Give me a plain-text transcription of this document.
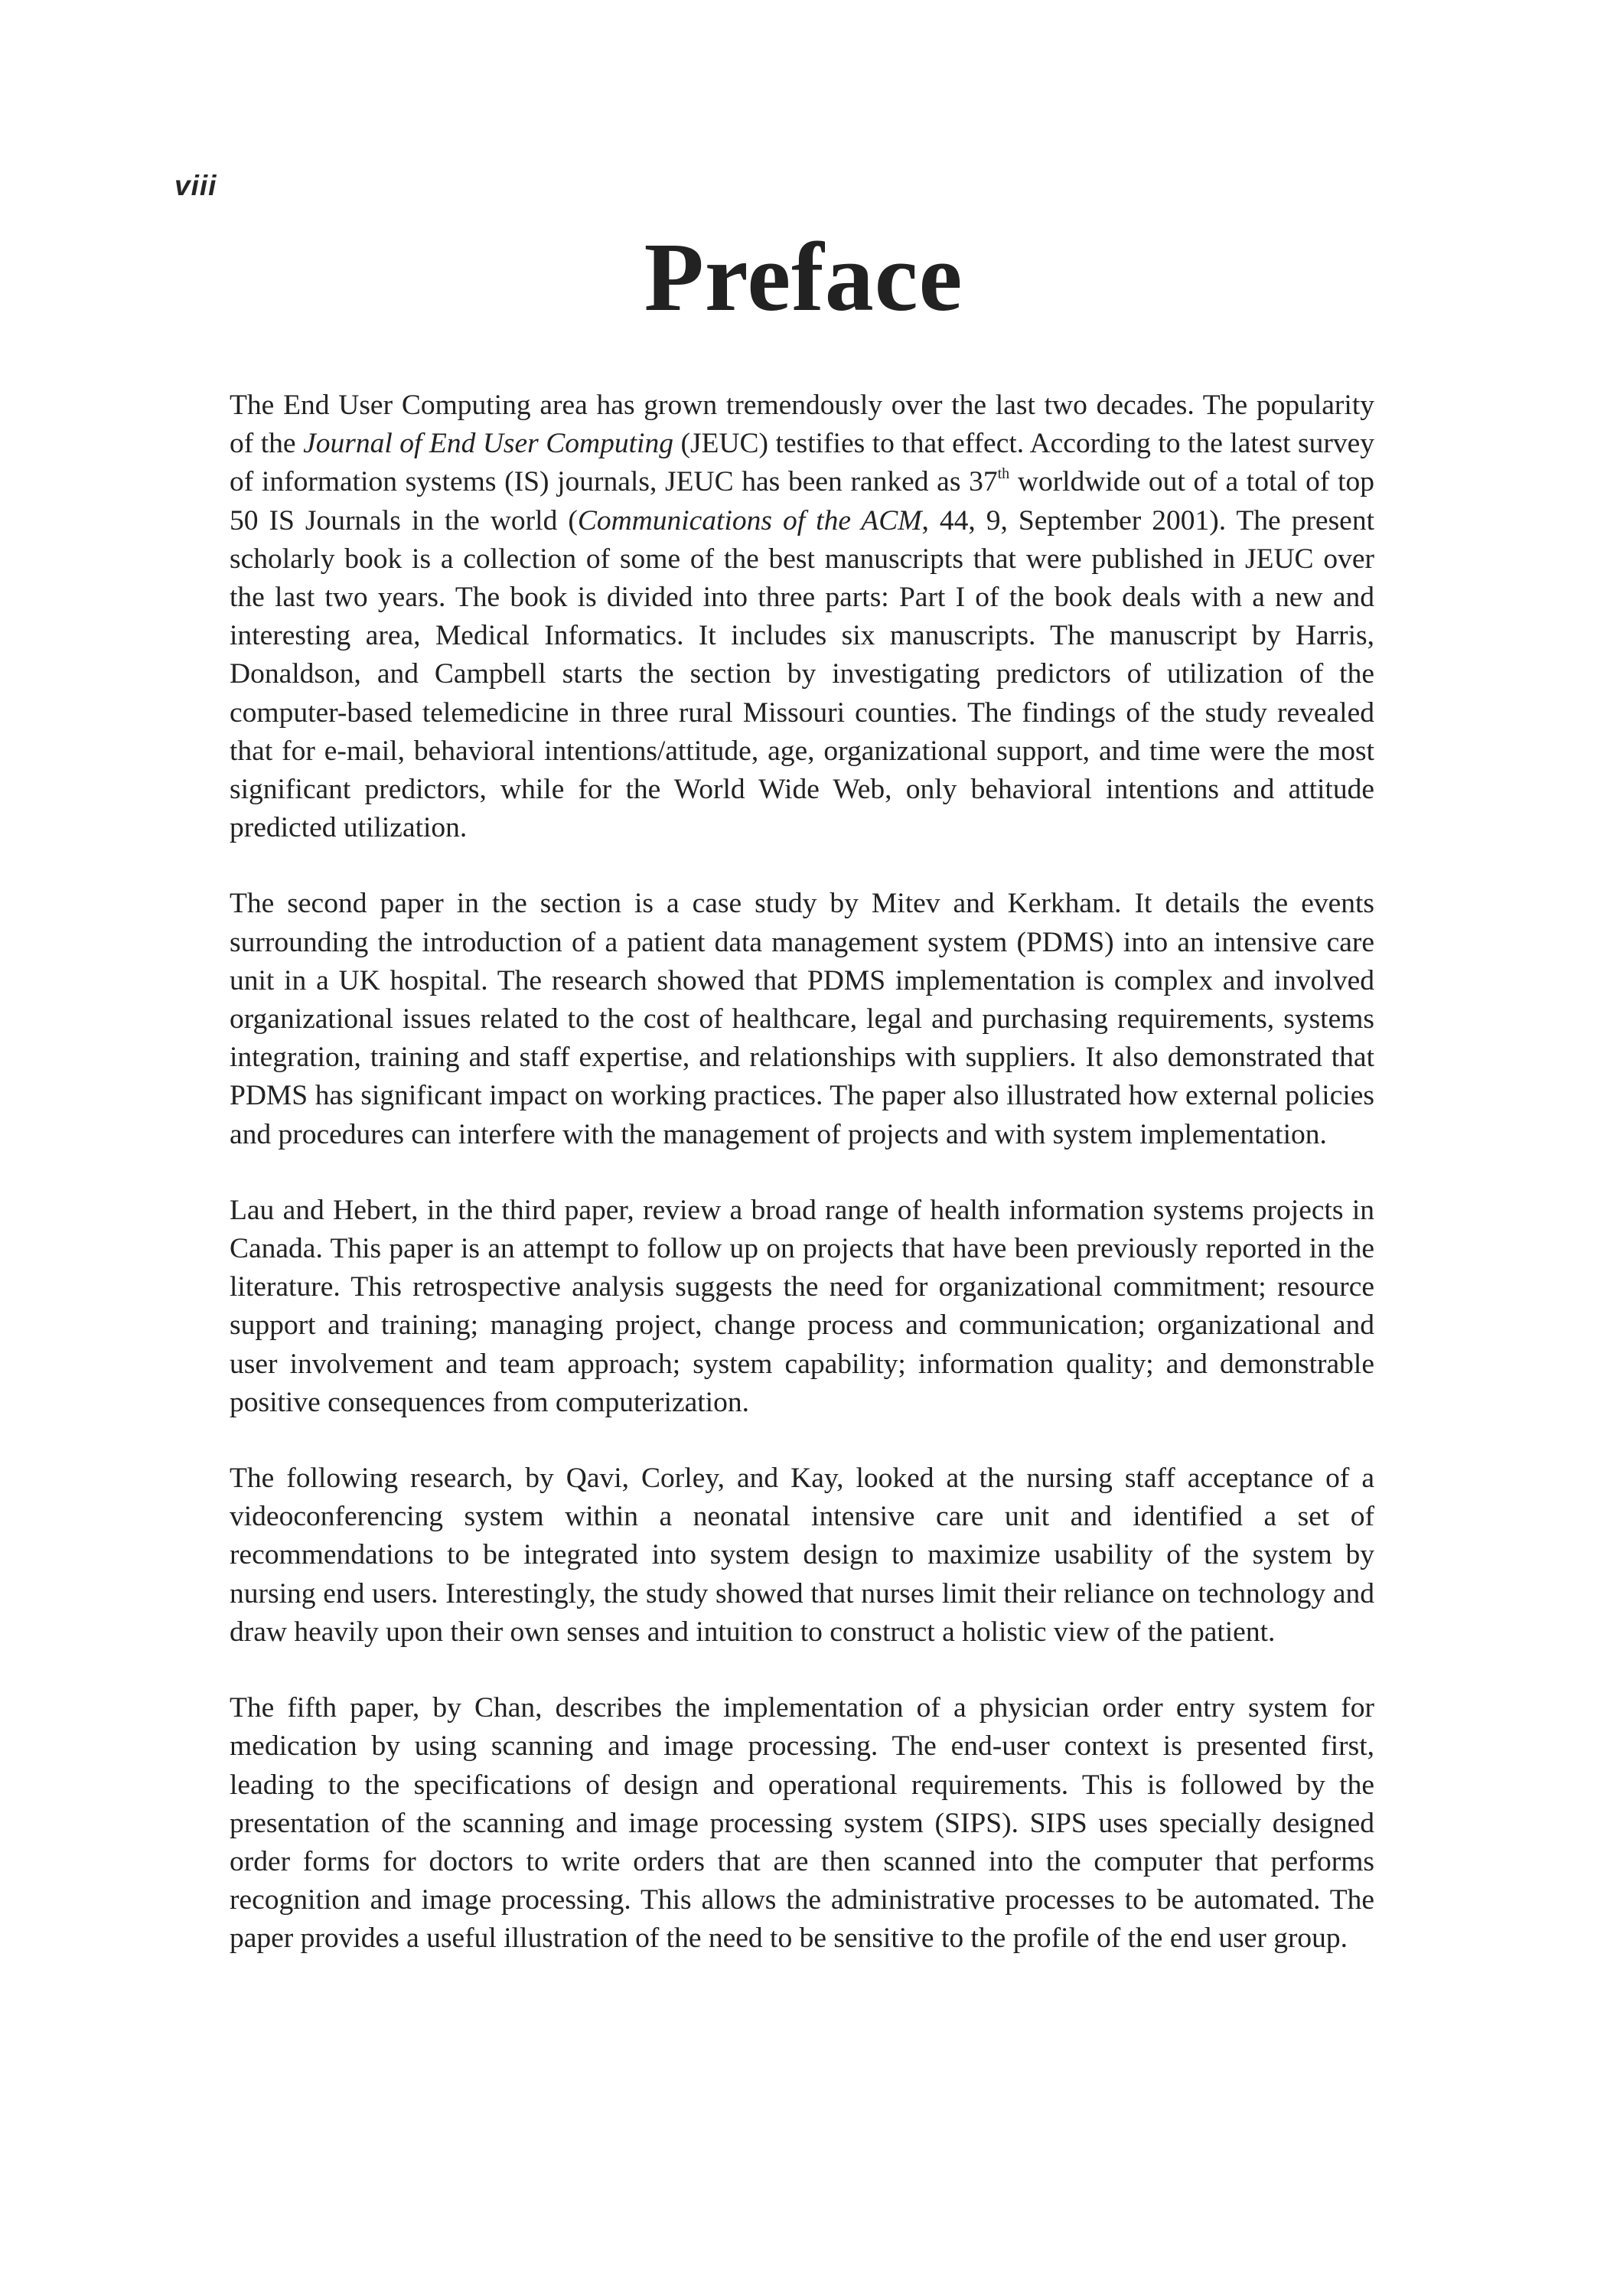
viii
Preface

The End User Computing area has grown tremendously over the last two decades. The popularity of the Journal of End User Computing (JEUC) testifies to that effect. According to the latest survey of information systems (IS) journals, JEUC has been ranked as 37th worldwide out of a total of top 50 IS Journals in the world (Communications of the ACM, 44, 9, September 2001). The present scholarly book is a collection of some of the best manuscripts that were published in JEUC over the last two years. The book is divided into three parts: Part I of the book deals with a new and interesting area, Medical Informatics. It includes six manuscripts. The manuscript by Harris, Donaldson, and Campbell starts the section by investigating predictors of utilization of the computer-based telemedicine in three rural Missouri counties. The findings of the study revealed that for e-mail, behavioral intentions/attitude, age, organizational support, and time were the most significant predictors, while for the World Wide Web, only behavioral intentions and attitude predicted utilization.

The second paper in the section is a case study by Mitev and Kerkham. It details the events surrounding the introduction of a patient data management system (PDMS) into an intensive care unit in a UK hospital. The research showed that PDMS implementation is complex and involved organizational issues related to the cost of healthcare, legal and purchasing requirements, systems integration, training and staff expertise, and relationships with suppliers. It also demonstrated that PDMS has significant impact on working practices. The paper also illustrated how external policies and procedures can interfere with the management of projects and with system implementation.

Lau and Hebert, in the third paper, review a broad range of health information systems projects in Canada. This paper is an attempt to follow up on projects that have been previously reported in the literature. This retrospective analysis suggests the need for organizational commitment; resource support and training; managing project, change process and communication; organizational and user involvement and team approach; system capability; information quality; and demonstrable positive consequences from computerization.

The following research, by Qavi, Corley, and Kay, looked at the nursing staff acceptance of a videoconferencing system within a neonatal intensive care unit and identified a set of recommendations to be integrated into system design to maximize usability of the system by nursing end users. Interestingly, the study showed that nurses limit their reliance on technology and draw heavily upon their own senses and intuition to construct a holistic view of the patient.

The fifth paper, by Chan, describes the implementation of a physician order entry system for medication by using scanning and image processing. The end-user context is presented first, leading to the specifications of design and operational requirements. This is followed by the presentation of the scanning and image processing system (SIPS). SIPS uses specially designed order forms for doctors to write orders that are then scanned into the computer that performs recognition and image processing. This allows the administrative processes to be automated. The paper provides a useful illustration of the need to be sensitive to the profile of the end user group.
